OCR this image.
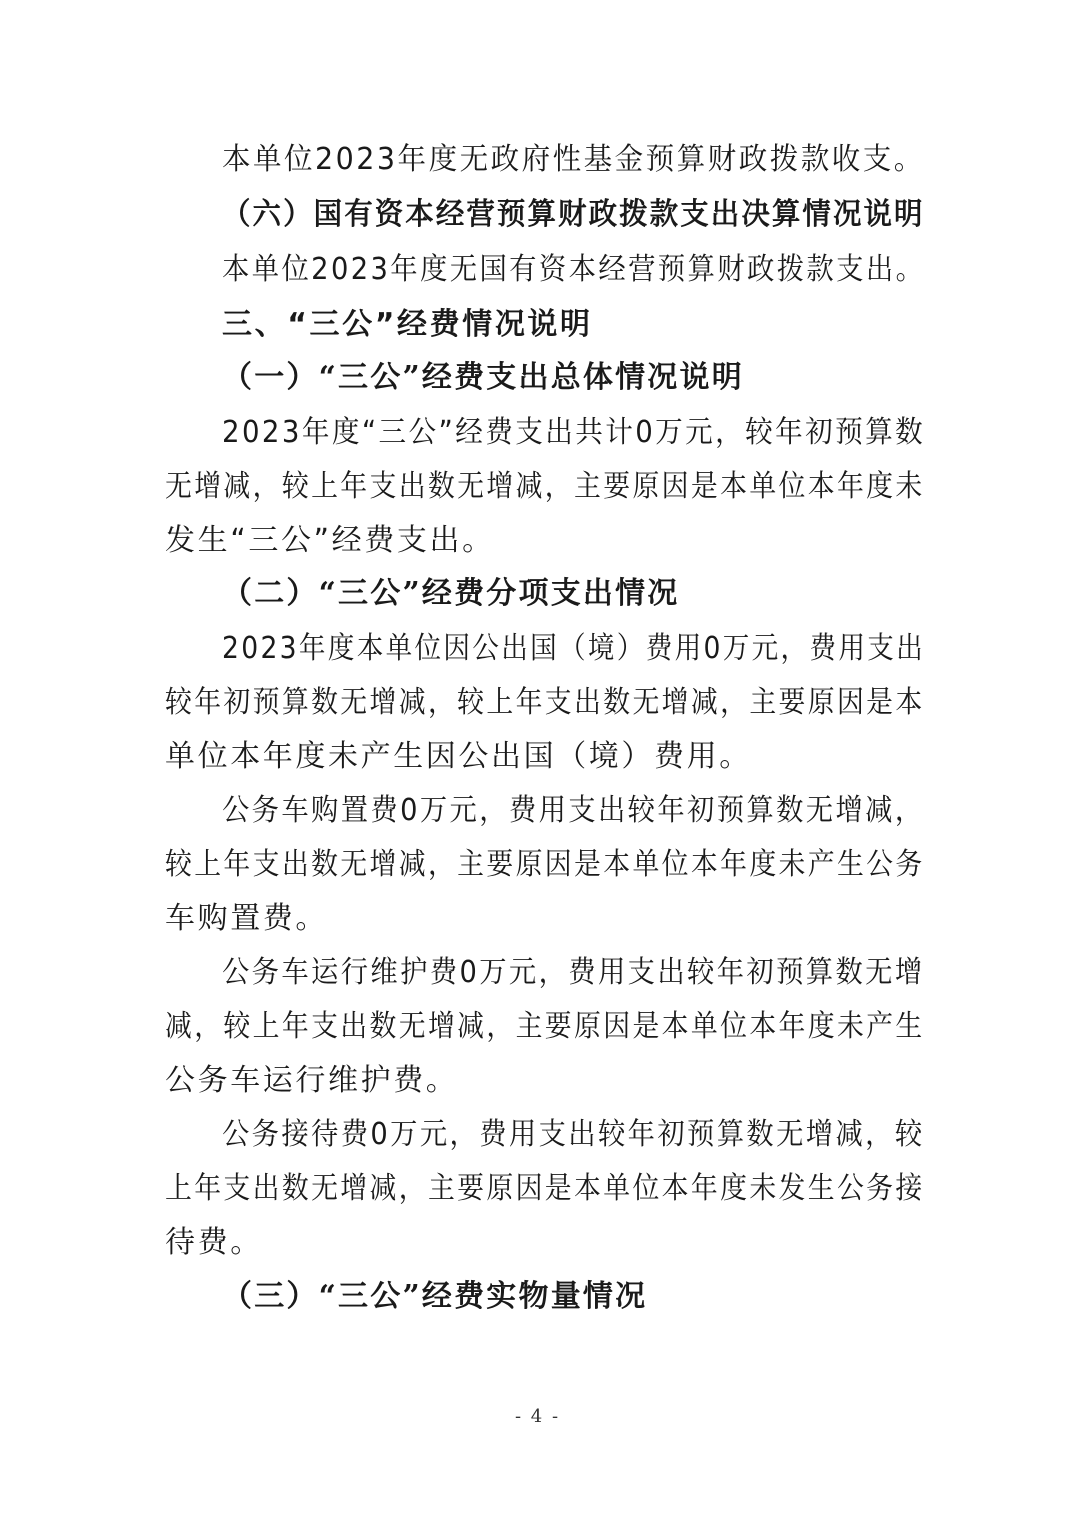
本单位2023年度无政府性基金预算财政拨款收支。
（六）国有资本经营预算财政拨款支出决算情况说明
本单位2023年度无国有资本经营预算财政拨款支出。
三、“三公”经费情况说明
（一）“三公”经费支出总体情况说明
2023年度“三公”经费支出共计0万元，较年初预算数
无增减，较上年支出数无增减，主要原因是本单位本年度未
发生“三公”经费支出。
（二）“三公”经费分项支出情况
2023年度本单位因公出国（境）费用0万元，费用支出
较年初预算数无增减，较上年支出数无增减，主要原因是本
单位本年度未产生因公出国（境）费用。
公务车购置费0万元，费用支出较年初预算数无增减，
较上年支出数无增减，主要原因是本单位本年度未产生公务
车购置费。
公务车运行维护费0万元，费用支出较年初预算数无增
减，较上年支出数无增减，主要原因是本单位本年度未产生
公务车运行维护费。
公务接待费0万元，费用支出较年初预算数无增减，较
上年支出数无增减，主要原因是本单位本年度未发生公务接
待费。
（三）“三公”经费实物量情况
- 4 -
